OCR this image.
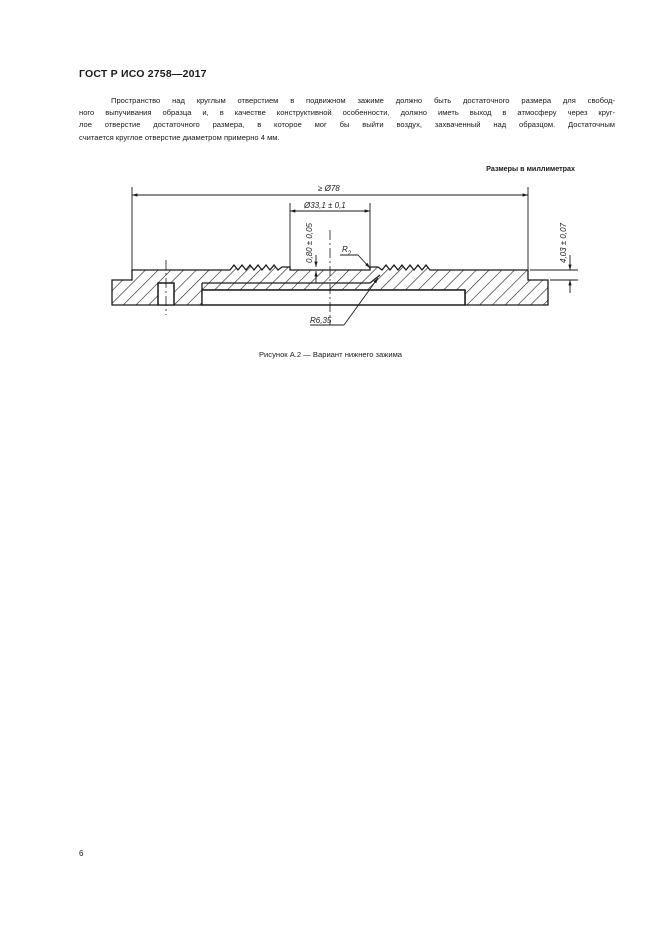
ГОСТ Р ИСО 2758—2017

Пространство над круглым отверстием в подвижном зажиме должно быть достаточного размера для свобод-
ного выпучивания образца и, в качестве конструктивной особенности, должно иметь выход в атмосферу через круг-
лое отверстие достаточного размера, в которое мог бы выйти воздух, захваченный над образцом. Достаточным
считается круглое отверстие диаметром примерно 4 мм.

Размеры в миллиметрах
≥ Ø78
Ø33,1 ± 0,1
0,80 ± 0,05	$R_2$	4,03 ± 0,07
R6,35
Рисунок А.2 — Вариант нижнего зажима
6
